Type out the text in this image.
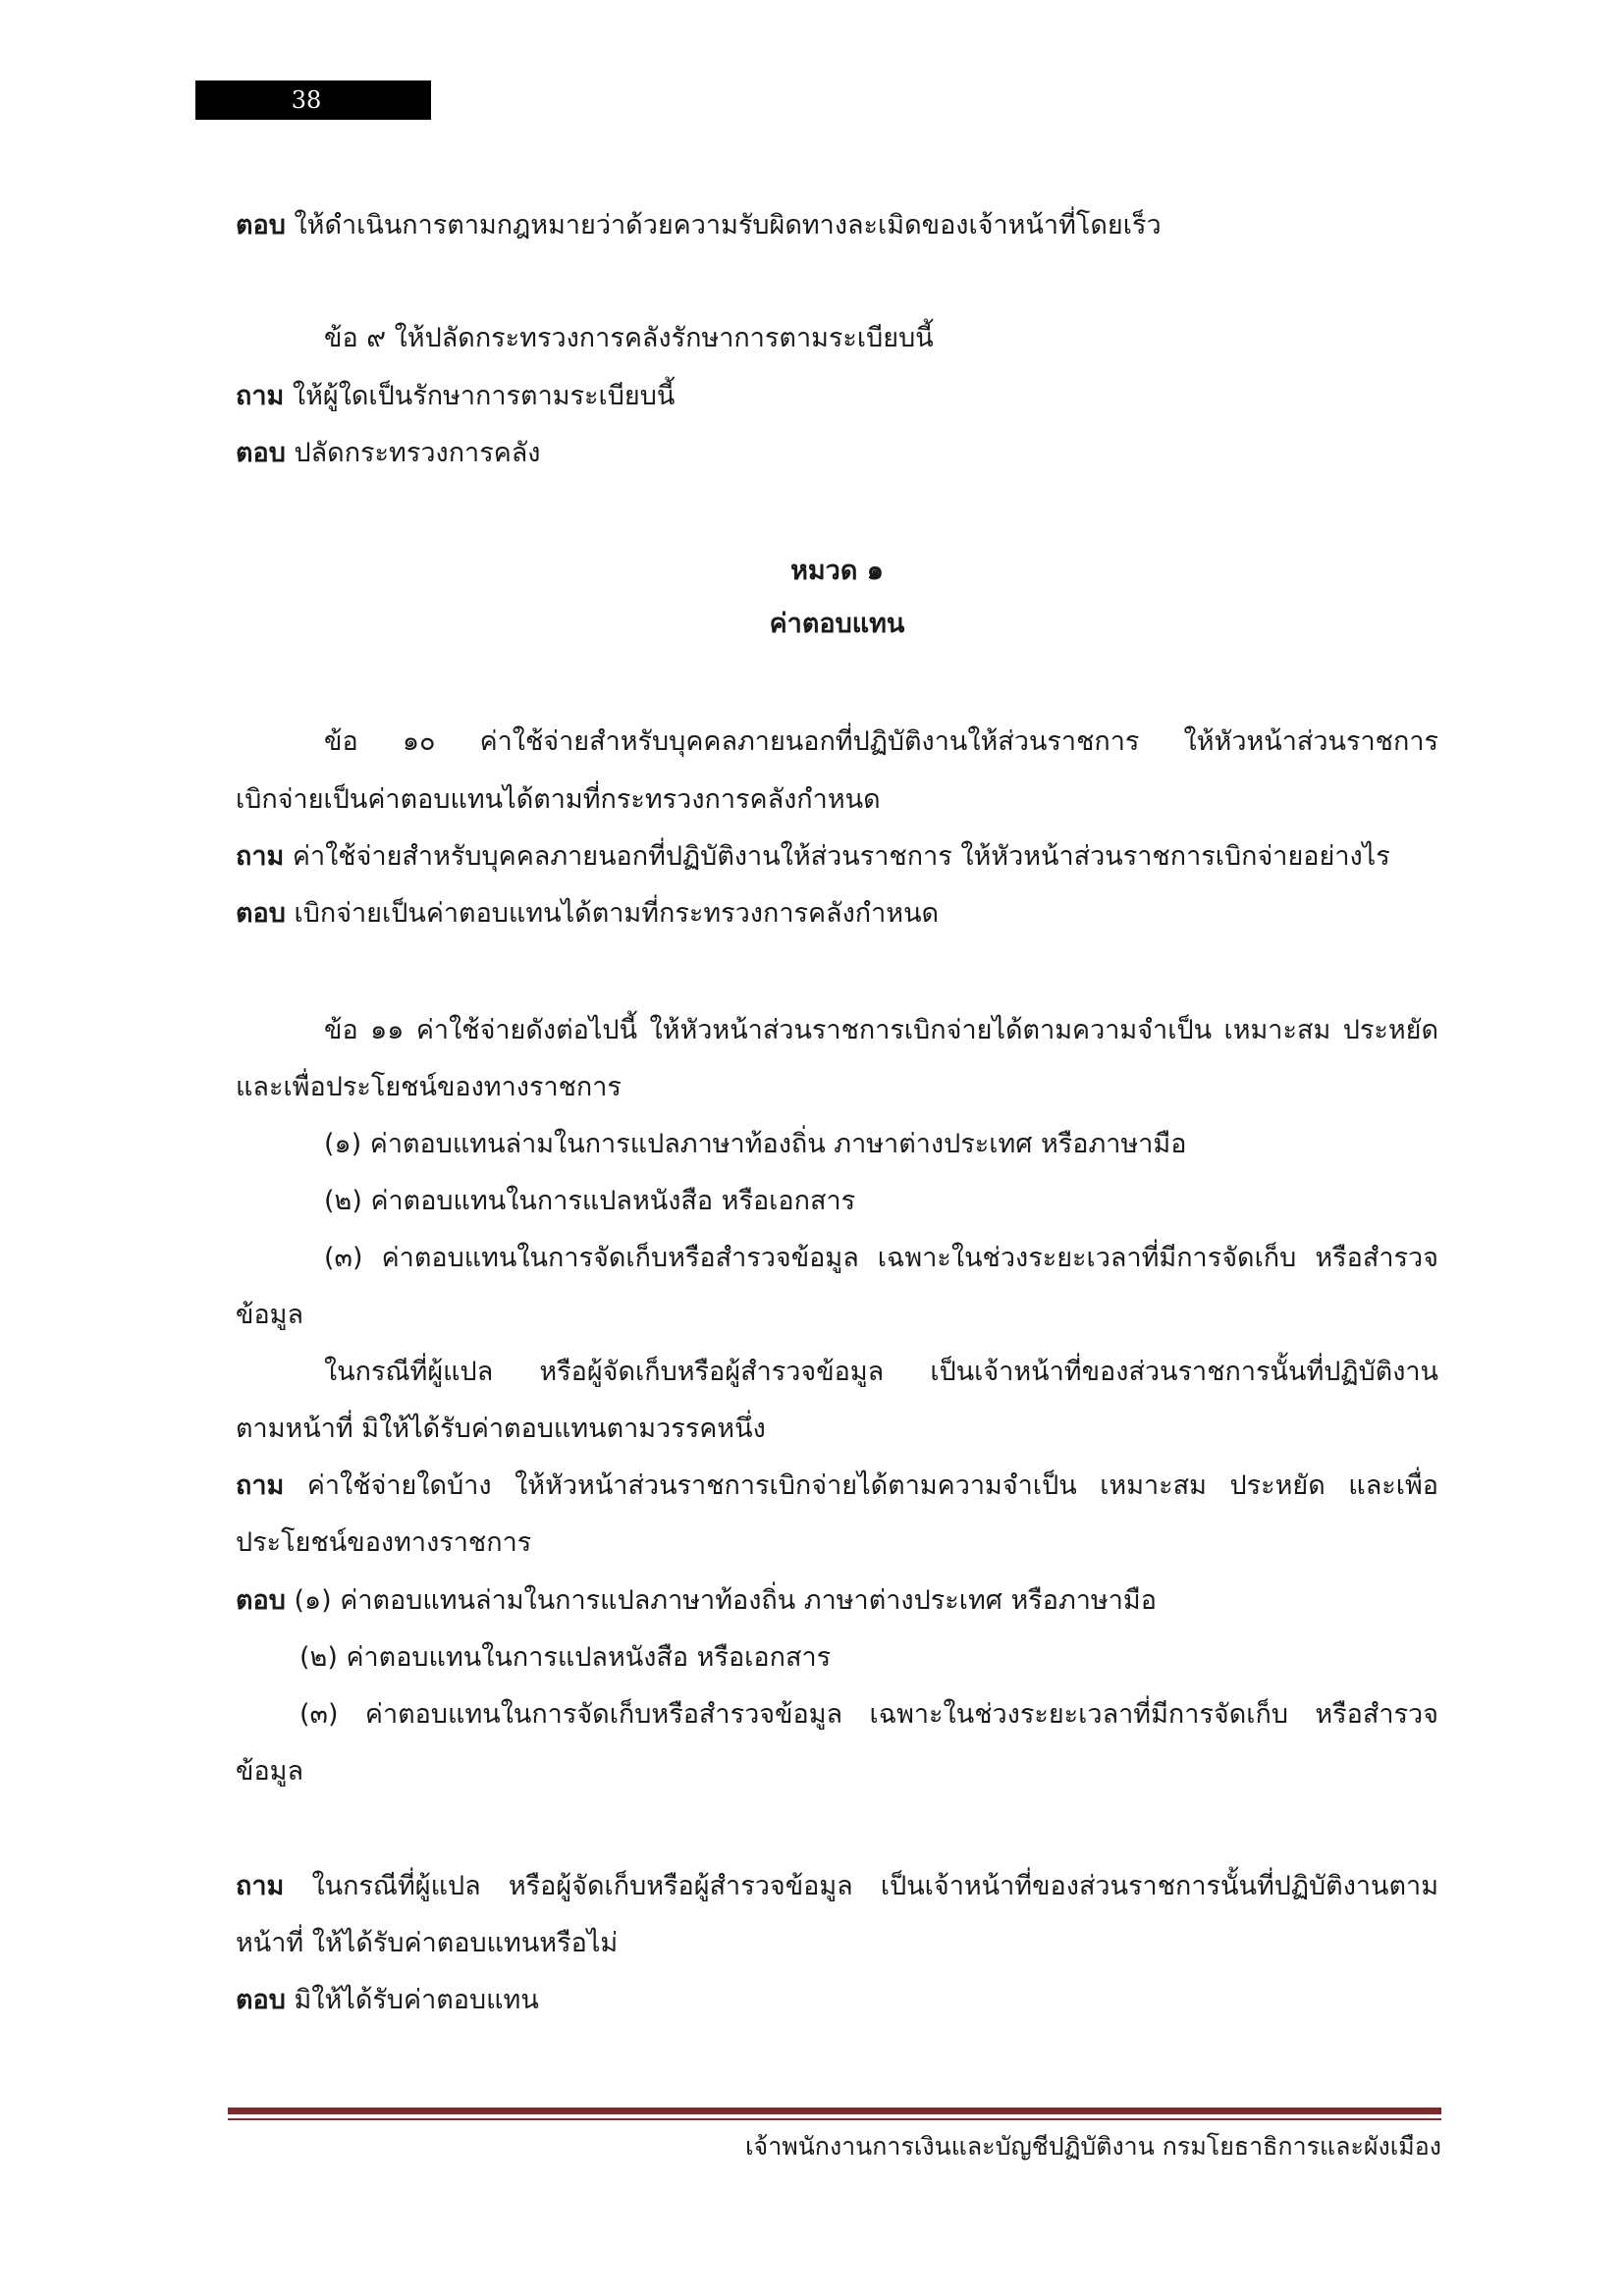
38
ตอบ ให้ดำเนินการตามกฎหมายว่าด้วยความรับผิดทางละเมิดของเจ้าหน้าที่โดยเร็ว
ข้อ ๙ ให้ปลัดกระทรวงการคลังรักษาการตามระเบียบนี้
ถาม ให้ผู้ใดเป็นรักษาการตามระเบียบนี้
ตอบ ปลัดกระทรวงการคลัง
หมวด ๑
ค่าตอบแทน
ข้อ ๑๐ ค่าใช้จ่ายสำหรับบุคคลภายนอกที่ปฏิบัติงานให้ส่วนราชการ ให้หัวหน้าส่วนราชการ
เบิกจ่ายเป็นค่าตอบแทนได้ตามที่กระทรวงการคลังกำหนด
ถาม ค่าใช้จ่ายสำหรับบุคคลภายนอกที่ปฏิบัติงานให้ส่วนราชการ ให้หัวหน้าส่วนราชการเบิกจ่ายอย่างไร
ตอบ เบิกจ่ายเป็นค่าตอบแทนได้ตามที่กระทรวงการคลังกำหนด
ข้อ ๑๑ ค่าใช้จ่ายดังต่อไปนี้ ให้หัวหน้าส่วนราชการเบิกจ่ายได้ตามความจำเป็น เหมาะสม ประหยัด
และเพื่อประโยชน์ของทางราชการ
(๑) ค่าตอบแทนล่ามในการแปลภาษาท้องถิ่น ภาษาต่างประเทศ หรือภาษามือ
(๒) ค่าตอบแทนในการแปลหนังสือ หรือเอกสาร
(๓) ค่าตอบแทนในการจัดเก็บหรือสำรวจข้อมูล เฉพาะในช่วงระยะเวลาที่มีการจัดเก็บ หรือสำรวจ
ข้อมูล
ในกรณีที่ผู้แปล หรือผู้จัดเก็บหรือผู้สำรวจข้อมูล เป็นเจ้าหน้าที่ของส่วนราชการนั้นที่ปฏิบัติงาน
ตามหน้าที่ มิให้ได้รับค่าตอบแทนตามวรรคหนึ่ง
ถาม ค่าใช้จ่ายใดบ้าง ให้หัวหน้าส่วนราชการเบิกจ่ายได้ตามความจำเป็น เหมาะสม ประหยัด และเพื่อ
ประโยชน์ของทางราชการ
ตอบ (๑) ค่าตอบแทนล่ามในการแปลภาษาท้องถิ่น ภาษาต่างประเทศ หรือภาษามือ
(๒) ค่าตอบแทนในการแปลหนังสือ หรือเอกสาร
(๓) ค่าตอบแทนในการจัดเก็บหรือสำรวจข้อมูล เฉพาะในช่วงระยะเวลาที่มีการจัดเก็บ หรือสำรวจ
ข้อมูล
ถาม ในกรณีที่ผู้แปล หรือผู้จัดเก็บหรือผู้สำรวจข้อมูล เป็นเจ้าหน้าที่ของส่วนราชการนั้นที่ปฏิบัติงานตาม
หน้าที่ ให้ได้รับค่าตอบแทนหรือไม่
ตอบ มิให้ได้รับค่าตอบแทน
เจ้าพนักงานการเงินและบัญชีปฏิบัติงาน กรมโยธาธิการและผังเมือง
